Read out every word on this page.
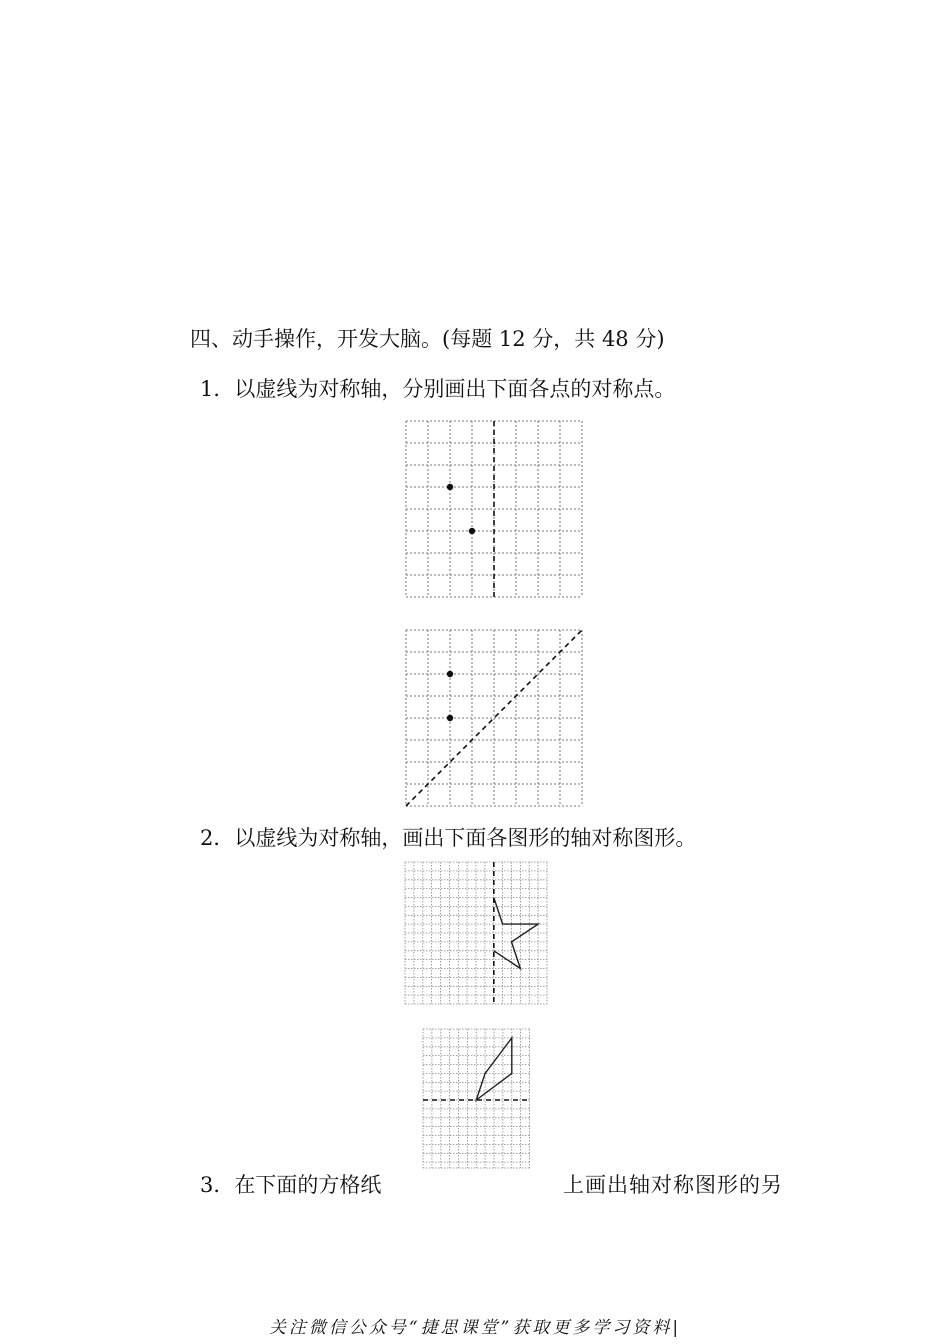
四、动手操作，开发大脑。(每题 12 分，共 48 分)
1．以虚线为对称轴，分别画出下面各点的对称点。
2．以虚线为对称轴，画出下面各图形的轴对称图形。
3．在下面的方格纸	上画出轴对称图形的另
关注微信公众号“捷思课堂”获取更多学习资料|
